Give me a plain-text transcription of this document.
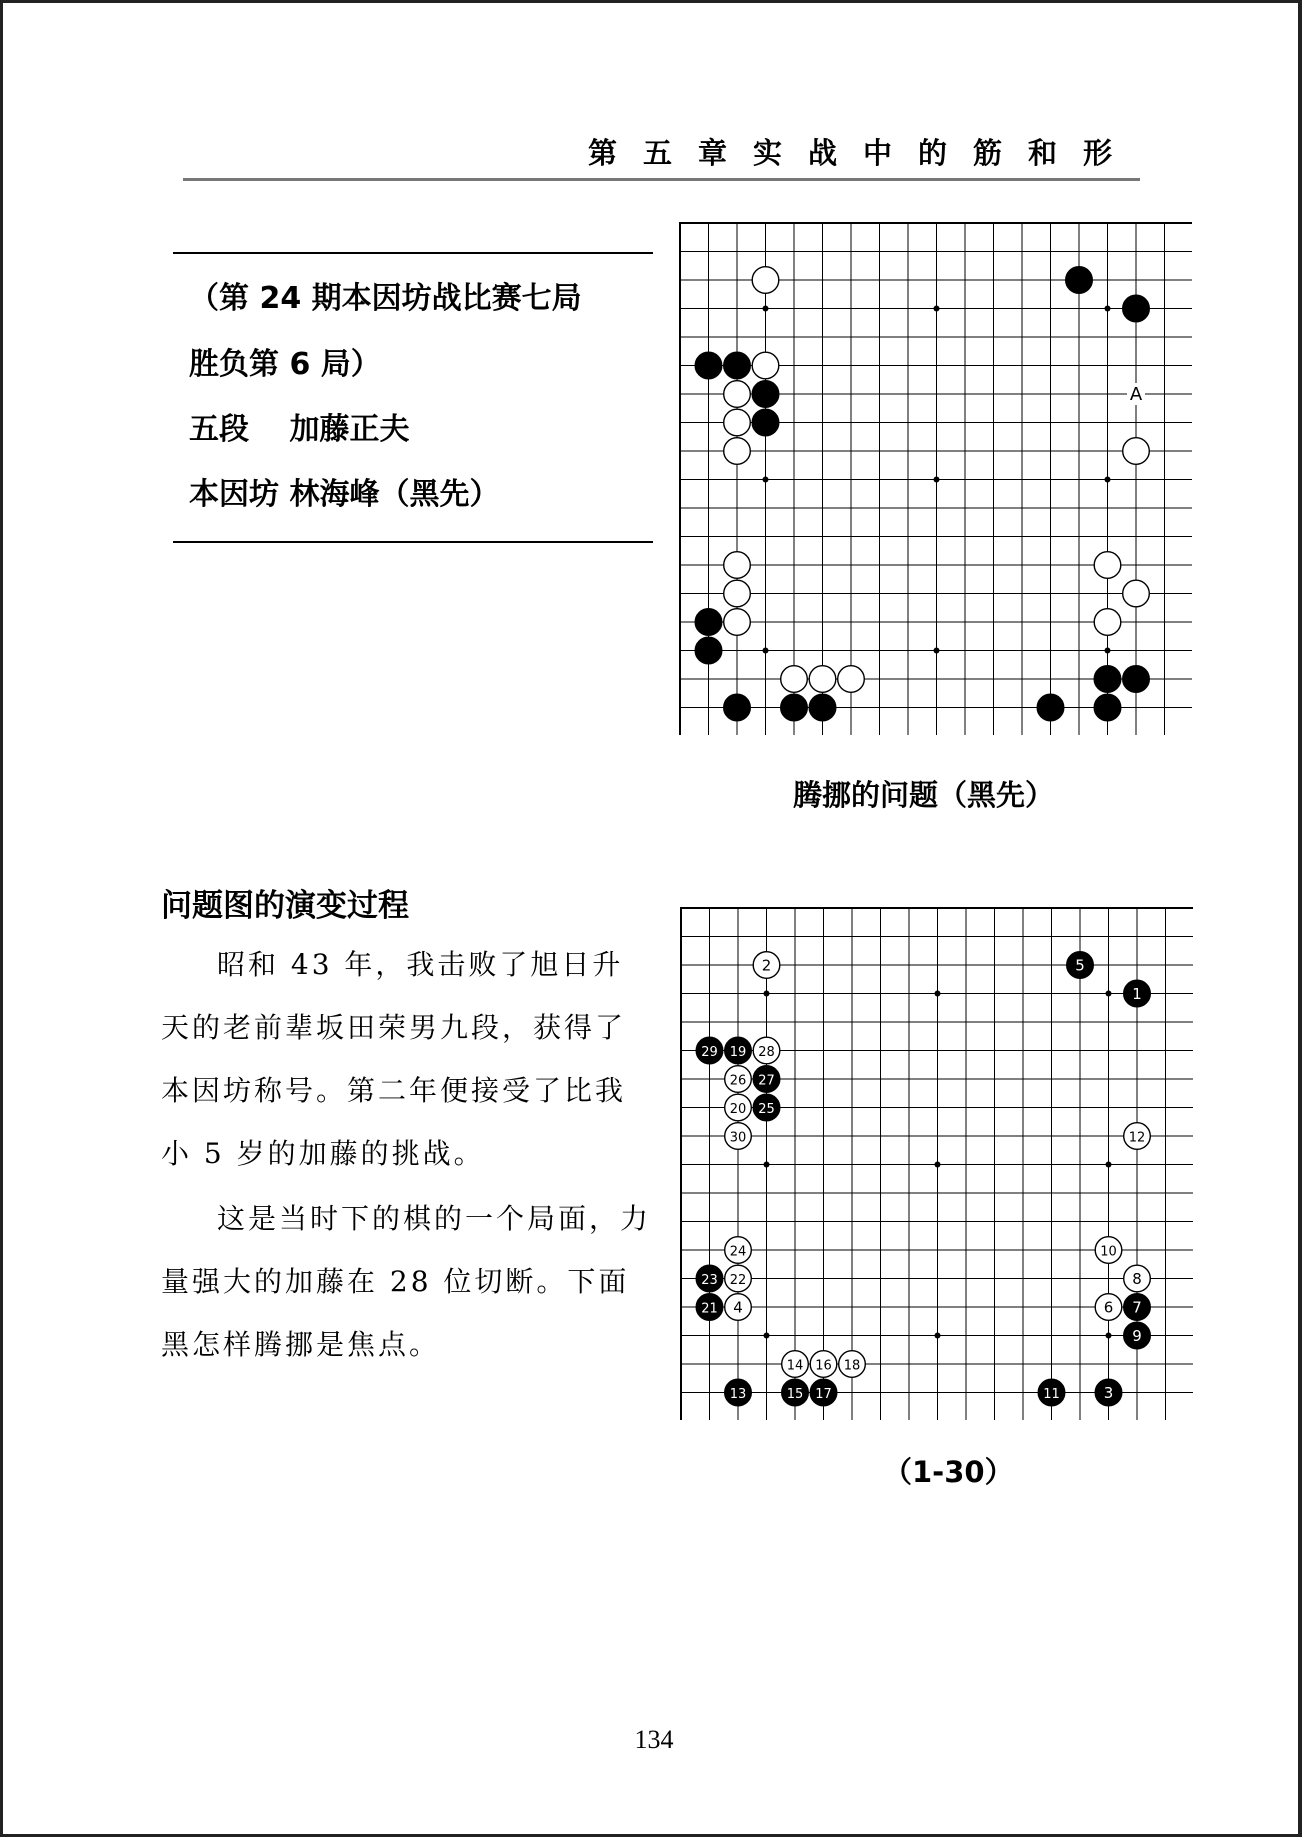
第五章实战中的筋和形
（第 24 期本因坊战比赛七局
胜负第 6 局）
五段　 加藤正夫
本因坊 林海峰（黑先）
A
腾挪的问题（黑先）
问题图的演变过程
昭和 43 年，我击败了旭日升天的老前辈坂田荣男九段，获得了本因坊称号。第二年便接受了比我小 5 岁的加藤的挑战。
这是当时下的棋的一个局面，力量强大的加藤在 28 位切断。下面黑怎样腾挪是焦点。
1
2
3
4
5
6 7
8
9
10
11
12
13
14
15
16
17
18
19
20
21
22
23
24
25
26 27
28
29
30
（1-30）
134
